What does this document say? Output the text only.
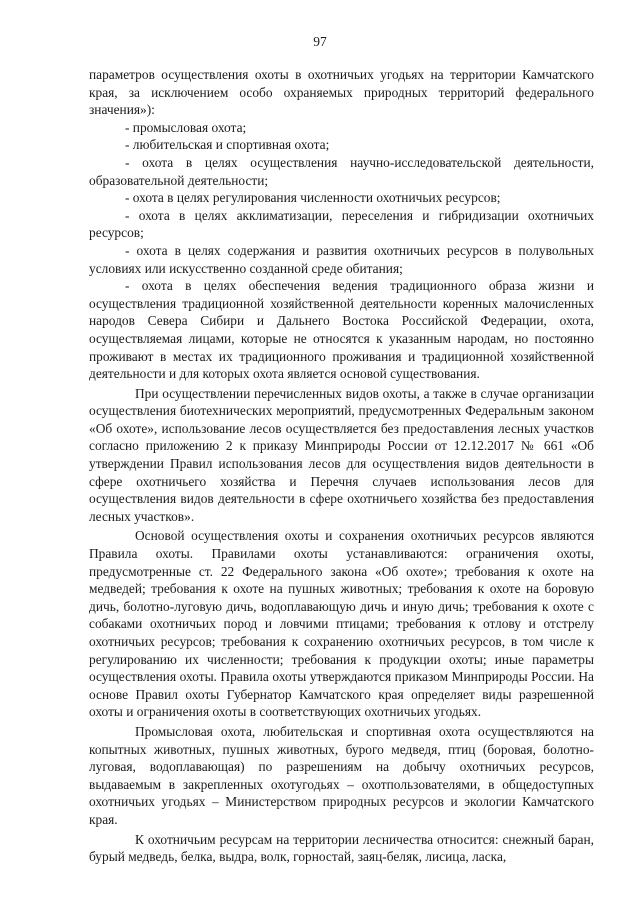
97

параметров осуществления охоты в охотничьих угодьях на территории Камчатского края, за исключением особо охраняемых природных территорий федерального значения»):

- промысловая охота;

- любительская и спортивная охота;

- охота в целях осуществления научно-исследовательской деятельности, образовательной деятельности;

- охота в целях регулирования численности охотничьих ресурсов;

- охота в целях акклиматизации, переселения и гибридизации охотничьих ресурсов;

- охота в целях содержания и развития охотничьих ресурсов в полувольных условиях или искусственно созданной среде обитания;

- охота в целях обеспечения ведения традиционного образа жизни и осуществления традиционной хозяйственной деятельности коренных малочисленных народов Севера Сибири и Дальнего Востока Российской Федерации, охота, осуществляемая лицами, которые не относятся к указанным народам, но постоянно проживают в местах их традиционного проживания и традиционной хозяйственной деятельности и для которых охота является основой существования.

При осуществлении перечисленных видов охоты, а также в случае организации осуществления биотехнических мероприятий, предусмотренных Федеральным законом «Об охоте», использование лесов осуществляется без предоставления лесных участков согласно приложению 2 к приказу Минприроды России от 12.12.2017 № 661 «Об утверждении Правил использования лесов для осуществления видов деятельности в сфере охотничьего хозяйства и Перечня случаев использования лесов для осуществления видов деятельности в сфере охотничьего хозяйства без предоставления лесных участков».

Основой осуществления охоты и сохранения охотничьих ресурсов являются Правила охоты. Правилами охоты устанавливаются: ограничения охоты, предусмотренные ст. 22 Федерального закона «Об охоте»; требования к охоте на медведей; требования к охоте на пушных животных; требования к охоте на боровую дичь, болотно-луговую дичь, водоплавающую дичь и иную дичь; требования к охоте с собаками охотничьих пород и ловчими птицами; требования к отлову и отстрелу охотничьих ресурсов; требования к сохранению охотничьих ресурсов, в том числе к регулированию их численности; требования к продукции охоты; иные параметры осуществления охоты. Правила охоты утверждаются приказом Минприроды России. На основе Правил охоты Губернатор Камчатского края определяет виды разрешенной охоты и ограничения охоты в соответствующих охотничьих угодьях.

Промысловая охота, любительская и спортивная охота осуществляются на копытных животных, пушных животных, бурого медведя, птиц (боровая, болотно-луговая, водоплавающая) по разрешениям на добычу охотничьих ресурсов, выдаваемым в закрепленных охотугодьях – охотпользователями, в общедоступных охотничьих угодьях – Министерством природных ресурсов и экологии Камчатского края.

К охотничьим ресурсам на территории лесничества относится: снежный баран, бурый медведь, белка, выдра, волк, горностай, заяц-беляк, лисица, ласка,
